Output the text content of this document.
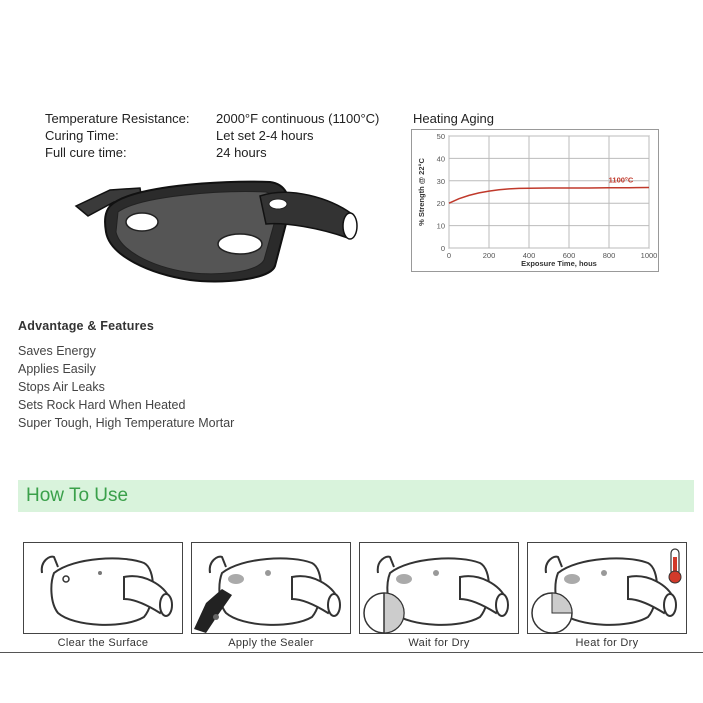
Temperature Resistance:	2000°F continuous (1100°C)
Curing Time:	Let set 2-4 hours
Full cure time:	24 hours
Heating Aging
0	200	400	600	800	1000
0
10
20
30
40
50
Exposure Time, hous
% Strength @ 22°C	1100°C
Advantage & Features
Saves Energy
Applies Easily
Stops Air Leaks
Sets Rock Hard When Heated
Super Tough, High Temperature Mortar
How To Use
Clear the Surface	Apply the Sealer	Wait for Dry	Heat for Dry
